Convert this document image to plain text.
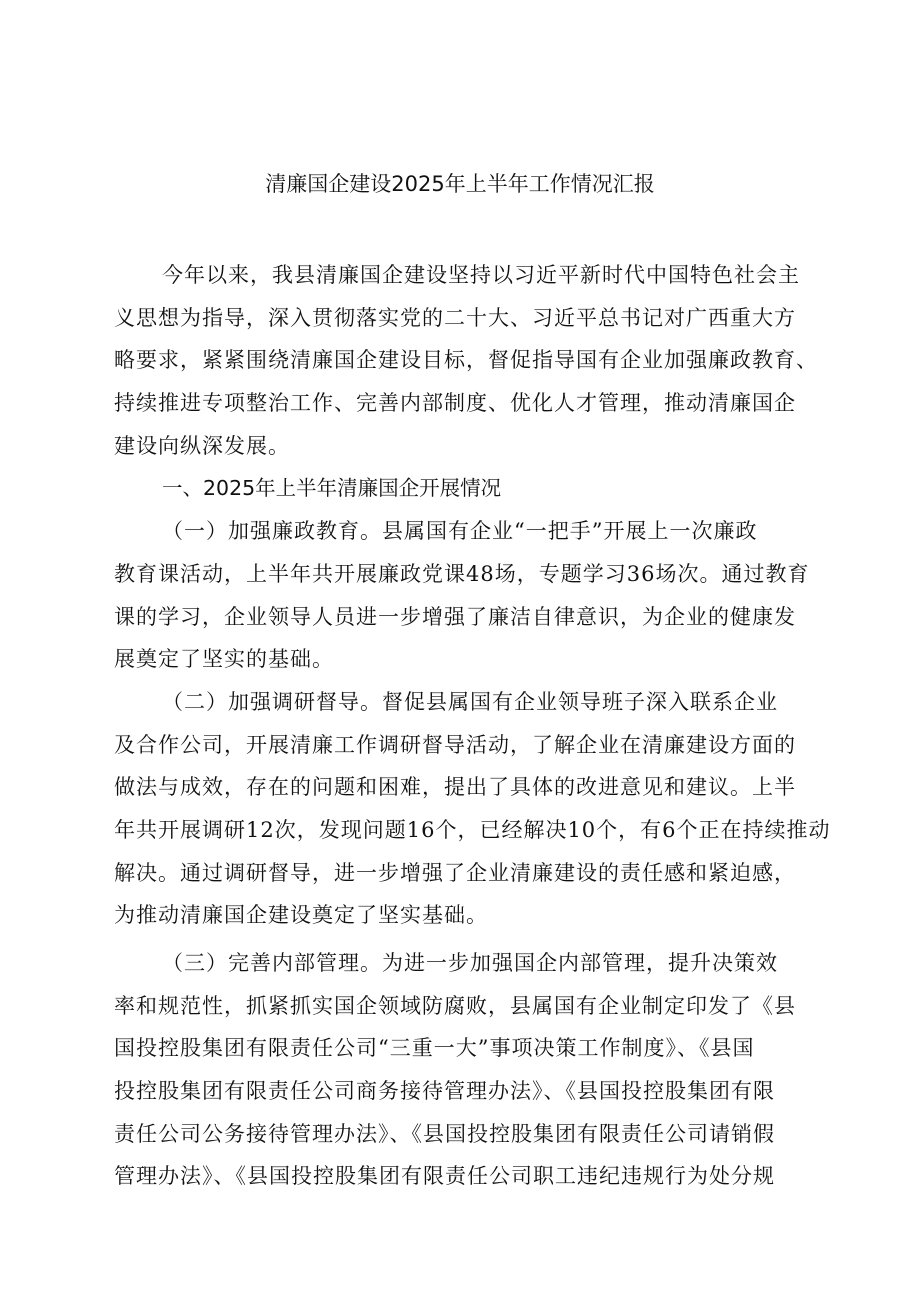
清廉国企建设2025年上半年工作情况汇报
今年以来，我县清廉国企建设坚持以习近平新时代中国特色社会主
义思想为指导，深入贯彻落实党的二十大、习近平总书记对广西重大方
略要求，紧紧围绕清廉国企建设目标，督促指导国有企业加强廉政教育、
持续推进专项整治工作、完善内部制度、优化人才管理，推动清廉国企
建设向纵深发展。
一、2025年上半年清廉国企开展情况
（一）加强廉政教育。县属国有企业“一把手”开展上一次廉政
教育课活动，上半年共开展廉政党课48场，专题学习36场次。通过教育
课的学习，企业领导人员进一步增强了廉洁自律意识，为企业的健康发
展奠定了坚实的基础。
（二）加强调研督导。督促县属国有企业领导班子深入联系企业
及合作公司，开展清廉工作调研督导活动，了解企业在清廉建设方面的
做法与成效，存在的问题和困难，提出了具体的改进意见和建议。上半
年共开展调研12次，发现问题16个，已经解决10个，有6个正在持续推动
解决。通过调研督导，进一步增强了企业清廉建设的责任感和紧迫感，
为推动清廉国企建设奠定了坚实基础。
（三）完善内部管理。为进一步加强国企内部管理，提升决策效
率和规范性，抓紧抓实国企领域防腐败，县属国有企业制定印发了《县
国投控股集团有限责任公司“三重一大”事项决策工作制度》、《县国
投控股集团有限责任公司商务接待管理办法》、《县国投控股集团有限
责任公司公务接待管理办法》、《县国投控股集团有限责任公司请销假
管理办法》、《县国投控股集团有限责任公司职工违纪违规行为处分规
